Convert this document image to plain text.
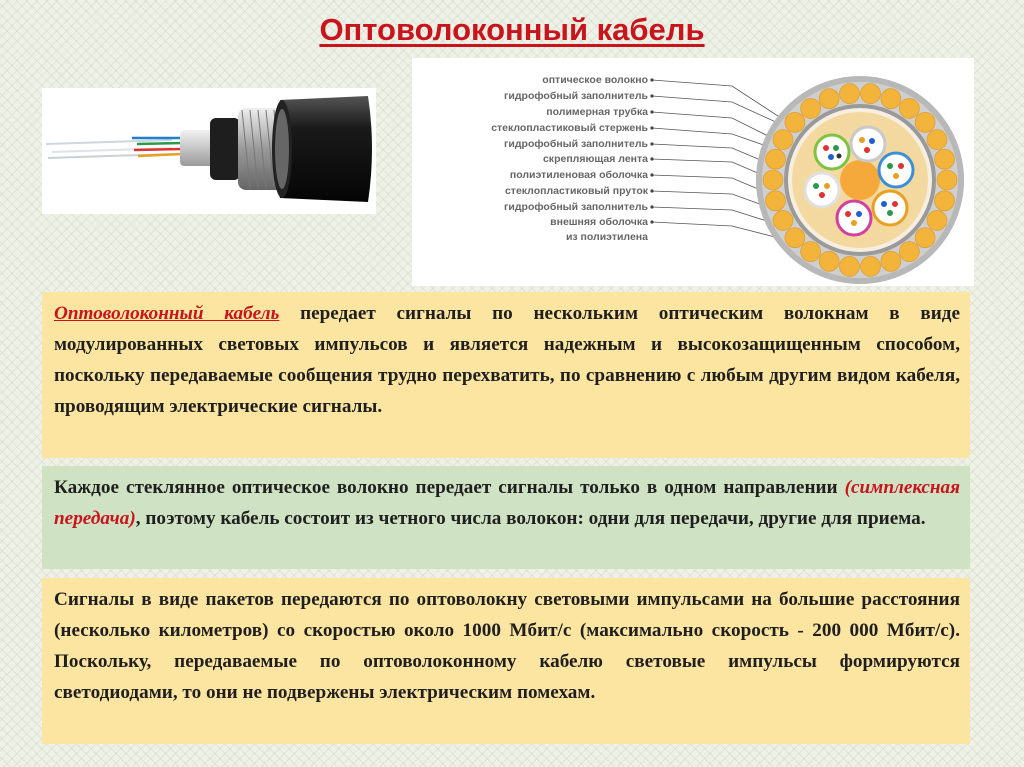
Оптоволоконный кабель
оптическое волокно
гидрофобный заполнитель
полимерная трубка
стеклопластиковый стержень
гидрофобный заполнитель
скрепляющая лента
полиэтиленовая оболочка
стеклопластиковый пруток
гидрофобный заполнитель
внешняя оболочка
из полиэтилена
Оптоволоконный кабель передает сигналы по нескольким оптическим волокнам в виде модулированных световых импульсов и является надежным и высокозащищенным способом, поскольку передаваемые сообщения трудно перехватить, по сравнению с любым другим видом кабеля, проводящим электрические сигналы.
Каждое стеклянное оптическое волокно передает сигналы только в одном направлении (симплексная передача), поэтому кабель состоит из четного числа волокон: одни для передачи, другие для приема.
Сигналы в виде пакетов передаются по оптоволокну световыми импульсами на большие расстояния (несколько километров) со скоростью около 1000 Мбит/с (максимально скорость - 200 000 Мбит/с). Поскольку, передаваемые по оптоволоконному кабелю световые импульсы формируются светодиодами, то они не подвержены электрическим помехам.
